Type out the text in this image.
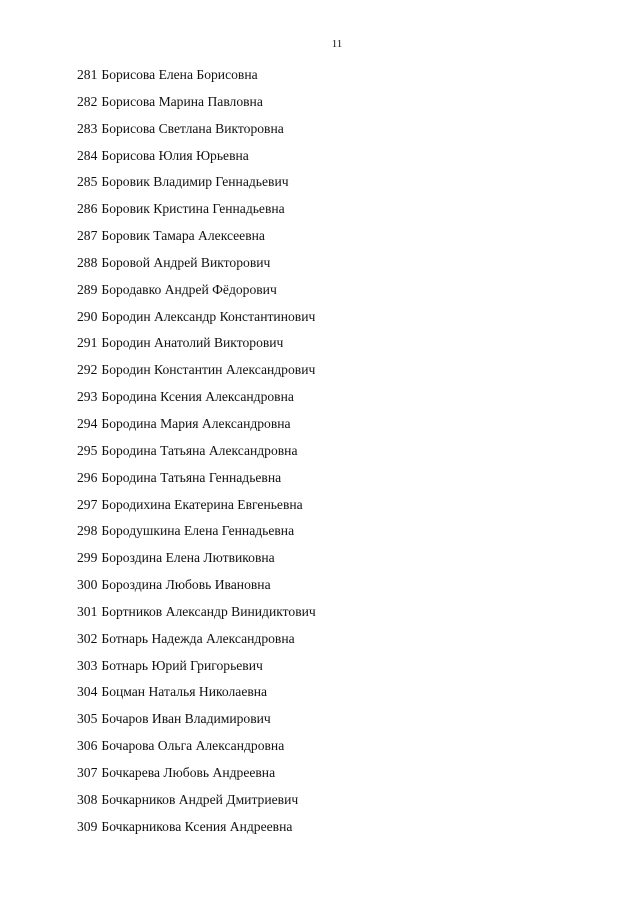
11
281 Борисова Елена Борисовна
282 Борисова Марина Павловна
283 Борисова Светлана Викторовна
284 Борисова Юлия Юрьевна
285 Боровик Владимир Геннадьевич
286 Боровик Кристина Геннадьевна
287 Боровик Тамара Алексеевна
288 Боровой Андрей Викторович
289 Бородавко Андрей Фёдорович
290 Бородин Александр Константинович
291 Бородин Анатолий Викторович
292 Бородин Константин Александрович
293 Бородина Ксения Александровна
294 Бородина Мария Александровна
295 Бородина Татьяна Александровна
296 Бородина Татьяна Геннадьевна
297 Бородихина Екатерина Евгеньевна
298 Бородушкина Елена Геннадьевна
299 Бороздина Елена Лютвиковна
300 Бороздина Любовь Ивановна
301 Бортников Александр Винидиктович
302 Ботнарь Надежда Александровна
303 Ботнарь Юрий Григорьевич
304 Боцман Наталья Николаевна
305 Бочаров Иван Владимирович
306 Бочарова Ольга Александровна
307 Бочкарева Любовь Андреевна
308 Бочкарников Андрей Дмитриевич
309 Бочкарникова Ксения Андреевна
